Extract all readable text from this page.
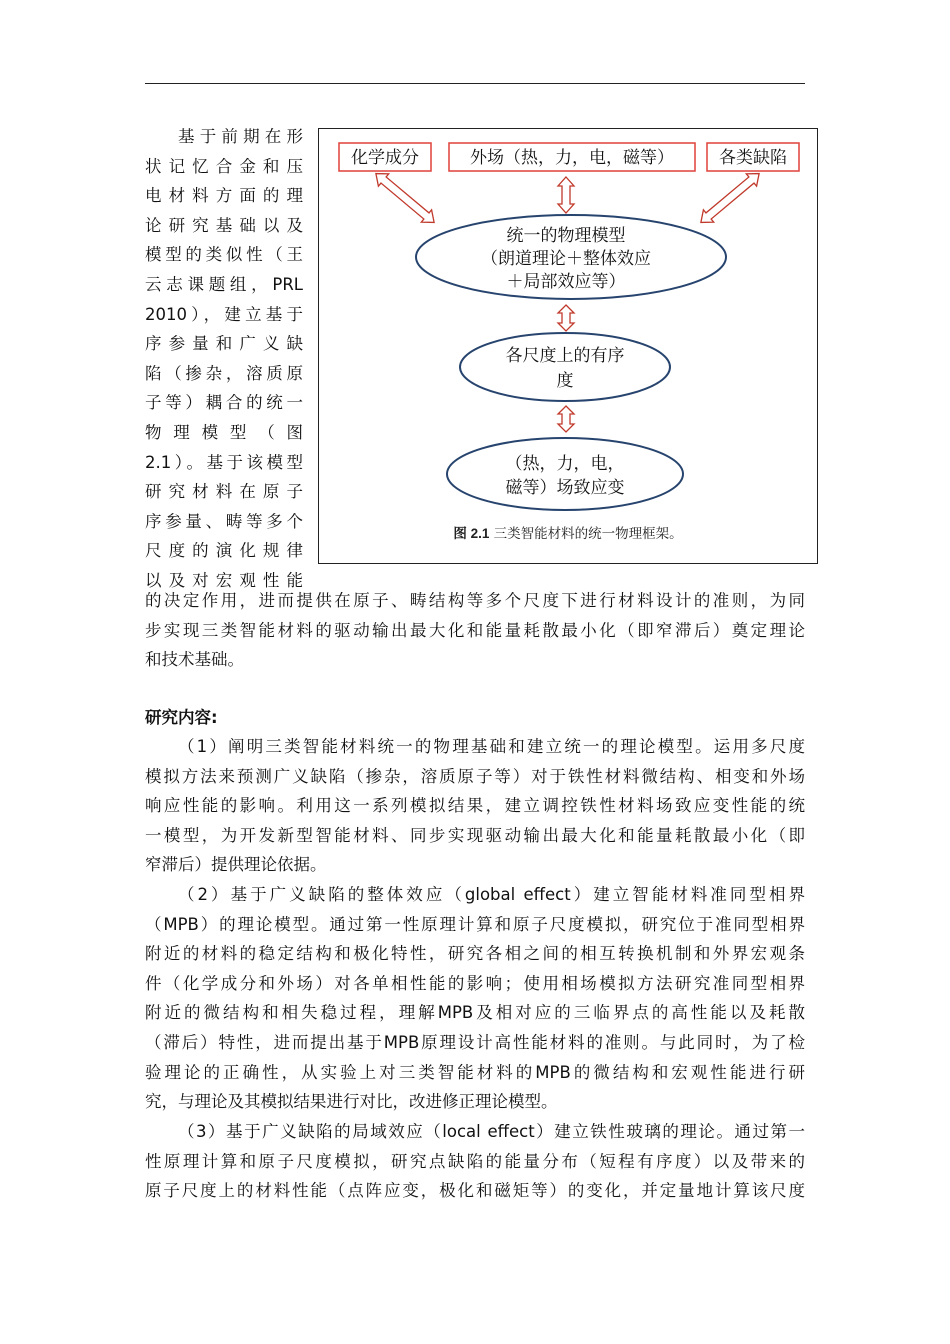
基于前期在形
状记忆合金和压
电材料方面的理
论研究基础以及
模型的类似性（王
云志课题组，PRL
2010），建立基于
序参量和广义缺
陷（掺杂，溶质原
子等）耦合的统一
物理模型（图
2.1）。基于该模型
研究材料在原子
序参量、畴等多个
尺度的演化规律
以及对宏观性能
化学成分	外场（热，力，电，磁等）	各类缺陷
统一的物理模型
（朗道理论＋整体效应
＋局部效应等）
各尺度上的有序
度
（热，力，电，
磁等）场致应变
图 2.1 三类智能材料的统一物理框架。
的决定作用，进而提供在原子、畴结构等多个尺度下进行材料设计的准则，为同
步实现三类智能材料的驱动输出最大化和能量耗散最小化（即窄滞后）奠定理论
和技术基础。
研究内容:
（1）阐明三类智能材料统一的物理基础和建立统一的理论模型。运用多尺度
模拟方法来预测广义缺陷（掺杂，溶质原子等）对于铁性材料微结构、相变和外场
响应性能的影响。利用这一系列模拟结果，建立调控铁性材料场致应变性能的统
一模型，为开发新型智能材料、同步实现驱动输出最大化和能量耗散最小化（即
窄滞后）提供理论依据。
（2）基于广义缺陷的整体效应（global effect）建立智能材料准同型相界
（MPB）的理论模型。通过第一性原理计算和原子尺度模拟，研究位于准同型相界
附近的材料的稳定结构和极化特性，研究各相之间的相互转换机制和外界宏观条
件（化学成分和外场）对各单相性能的影响；使用相场模拟方法研究准同型相界
附近的微结构和相失稳过程，理解MPB及相对应的三临界点的高性能以及耗散
（滞后）特性，进而提出基于MPB原理设计高性能材料的准则。与此同时，为了检
验理论的正确性，从实验上对三类智能材料的MPB的微结构和宏观性能进行研
究，与理论及其模拟结果进行对比，改进修正理论模型。
（3）基于广义缺陷的局域效应（local effect）建立铁性玻璃的理论。通过第一
性原理计算和原子尺度模拟，研究点缺陷的能量分布（短程有序度）以及带来的
原子尺度上的材料性能（点阵应变，极化和磁矩等）的变化，并定量地计算该尺度
